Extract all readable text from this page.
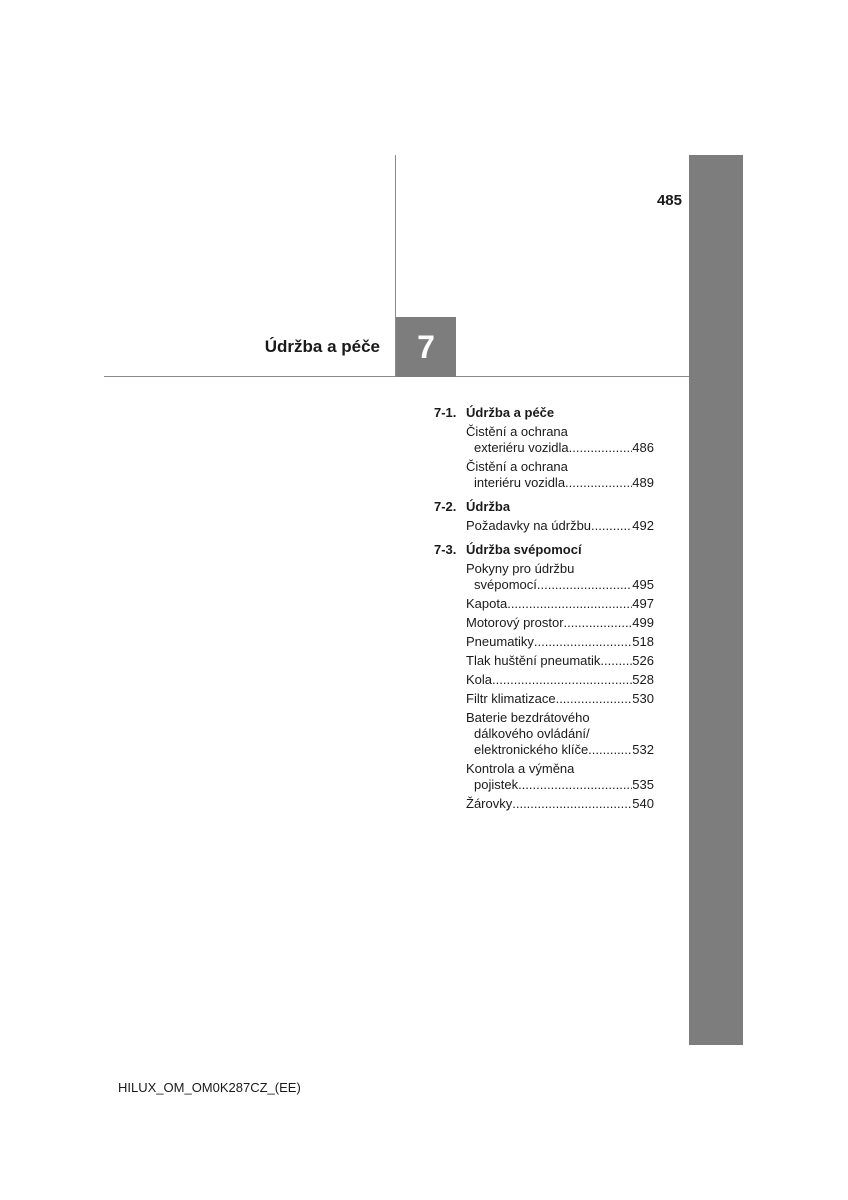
485
Údržba a péče	7
7-1. Údržba a péče
Čistění a ochrana
exteriéru vozidla .....	486
Čistění a ochrana
interiéru vozidla .....	489
7-2. Údržba
Požadavky na údržbu .....	492
7-3. Údržba svépomocí
Pokyny pro údržbu
svépomocí .....	495
Kapota .....	497
Motorový prostor .....	499
Pneumatiky .....	518
Tlak huštění pneumatik ..... 526
Kola .....	528
Filtr klimatizace .....	530
Baterie bezdrátového
dálkového ovládání/
elektronického klíče .....	532
Kontrola a výměna
pojistek .....	535
Žárovky .....	540
HILUX_OM_OM0K287CZ_(EE)
